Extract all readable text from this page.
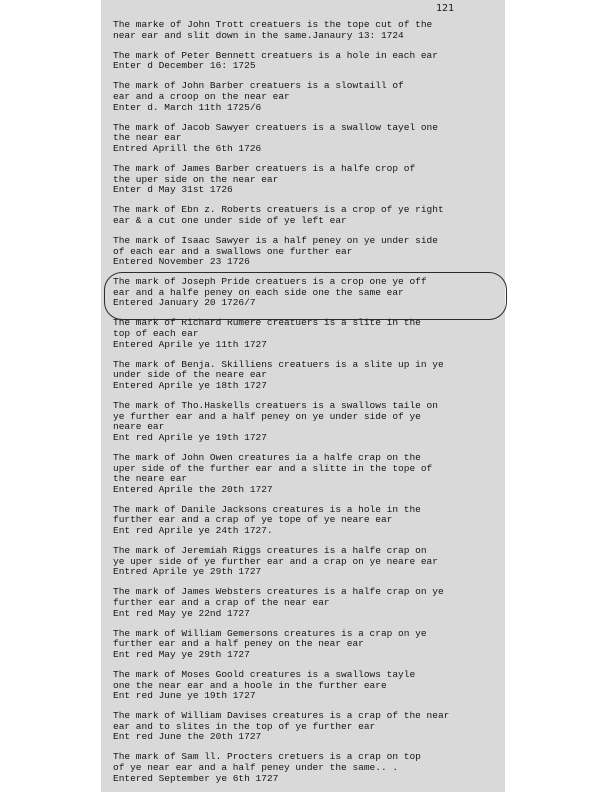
121
The marke of John Trott creatuers is the tope cut of the
near ear and slit down in the same.Janaury 13: 1724
The mark of Peter Bennett creatuers is a hole in each ear
Enter d December 16: 1725
The mark of John Barber creatuers is a slowtaill of
ear and a croop on the near ear
Enter d. March 11th 1725/6
The mark of Jacob Sawyer creatuers is a swallow tayel one
the near ear
Entred Aprill the 6th 1726
The mark of James Barber creatuers is a halfe crop of
the uper side on the near ear
Enter d May 31st 1726
The mark of Ebn z. Roberts creatuers is a crop of ye right
ear & a cut one under side of ye left ear
The mark of Isaac Sawyer is a half peney on ye under side
of each ear and a swallows one further ear
Entered November 23 1726
The mark of Joseph Pride creatuers is a crop one ye off
ear and a halfe peney on each side one the same ear
Entered January 20 1726/7
The mark of Richard Rumere creatuers is a slite in the
top of each ear
Entered Aprile ye 11th 1727
The mark of Benja. Skilliens creatuers is a slite up in ye
under side of the neare ear
Entered Aprile ye 18th 1727
The mark of Tho.Haskells creatuers is a swallows taile on
ye further ear and a half peney on ye under side of ye
neare ear
Ent red Aprile ye 19th 1727
The mark of John Owen creatures ia a halfe crap on the
uper side of the further ear and a slitte in the tope of
the neare ear
Entered Aprile the 20th 1727
The mark of Danile Jacksons creatures is a hole in the
further ear and a crap of ye tope of ye neare ear
Ent red Aprile ye 24th 1727.
The mark of Jeremiah Riggs creatures is a halfe crap on
ye uper side of ye further ear and a crap on ye neare ear
Entred Aprile ye 29th 1727
The mark of James Websters creatures is a halfe crap on ye
further ear and a crap of the near ear
Ent red May ye 22nd 1727
The mark of William Gemersons creatures is a crap on ye
further ear and a half peney on the near ear
Ent red May ye 29th 1727
The mark of Moses Goold creatures is a swallows tayle
one the near ear and a hoole in the further eare
Ent red June ye 19th 1727
The mark of William Davises creatures is a crap of the near
ear and to slites in the top of ye further ear
Ent red June the 20th 1727
The mark of Sam ll. Procters cretuers is a crap on top
of ye near ear and a half peney under the same.. .
Entered September ye 6th 1727
